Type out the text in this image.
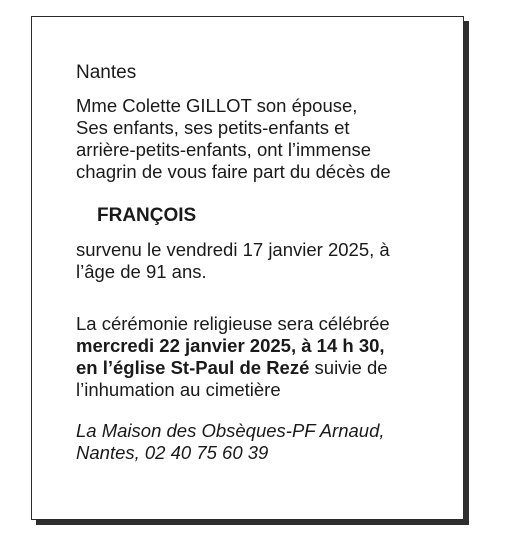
Nantes
Mme Colette GILLOT son épouse,
Ses enfants, ses petits-enfants et
arrière-petits-enfants, ont l’immense
chagrin de vous faire part du décès de
FRANÇOIS
survenu le vendredi 17 janvier 2025, à
l’âge de 91 ans.
La cérémonie religieuse sera célébrée
mercredi 22 janvier 2025, à 14 h 30,
en l’église St-Paul de Rezé suivie de
l’inhumation au cimetière
La Maison des Obsèques-PF Arnaud,
Nantes, 02 40 75 60 39
